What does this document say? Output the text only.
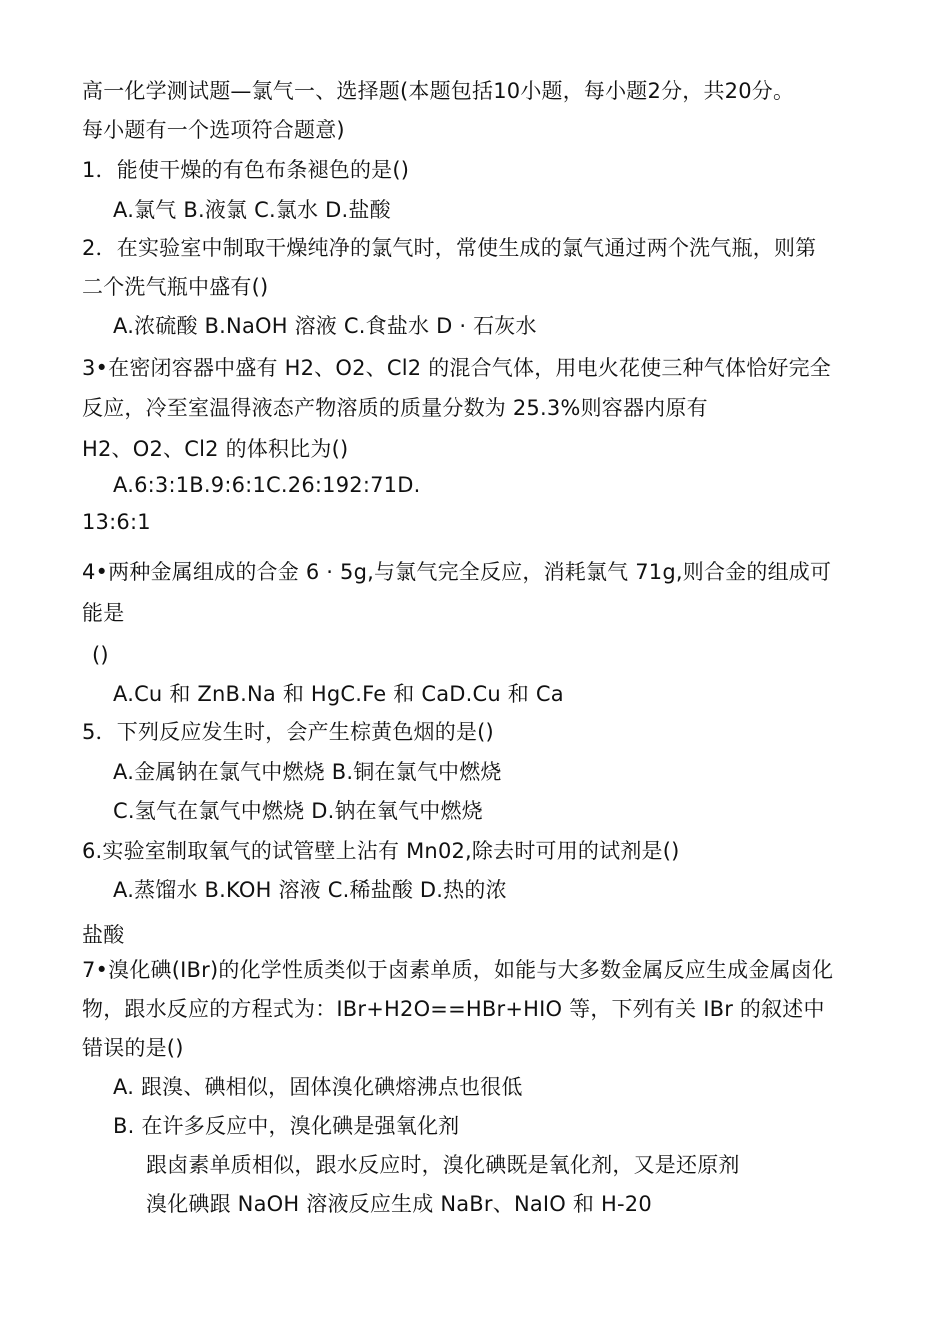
高一化学测试题—氯气一、选择题(本题包括10小题，每小题2分，共20分。
每小题有一个选项符合题意)
1．能使干燥的有色布条褪色的是()
A.氯气 B.液氯 C.氯水 D.盐酸
2．在实验室中制取干燥纯净的氯气时，常使生成的氯气通过两个洗气瓶，则第
二个洗气瓶中盛有()
A.浓硫酸 B.NaOH 溶液 C.食盐水 D · 石灰水
3•在密闭容器中盛有 H2、O2、Cl2 的混合气体，用电火花使三种气体恰好完全
反应，冷至室温得液态产物溶质的质量分数为 25.3%则容器内原有
H2、O2、Cl2 的体积比为()
A.6:3:1B.9:6:1C.26:192:71D.
13:6:1
4•两种金属组成的合金 6 · 5g,与氯气完全反应，消耗氯气 71g,则合金的组成可
能是
()
A.Cu 和 ZnB.Na 和 HgC.Fe 和 CaD.Cu 和 Ca
5．下列反应发生时，会产生棕黄色烟的是()
A.金属钠在氯气中燃烧 B.铜在氯气中燃烧
C.氢气在氯气中燃烧 D.钠在氧气中燃烧
6.实验室制取氧气的试管壁上沾有 Mn02,除去时可用的试剂是()
A.蒸馏水 B.KOH 溶液 C.稀盐酸 D.热的浓
盐酸
7•溴化碘(IBr)的化学性质类似于卤素单质，如能与大多数金属反应生成金属卤化
物，跟水反应的方程式为：IBr+H2O==HBr+HIO 等，下列有关 IBr 的叙述中
错误的是()
A. 跟溴、碘相似，固体溴化碘熔沸点也很低
B. 在许多反应中，溴化碘是强氧化剂
跟卤素单质相似，跟水反应时，溴化碘既是氧化剂，又是还原剂
溴化碘跟 NaOH 溶液反应生成 NaBr、NaIO 和 H-20
